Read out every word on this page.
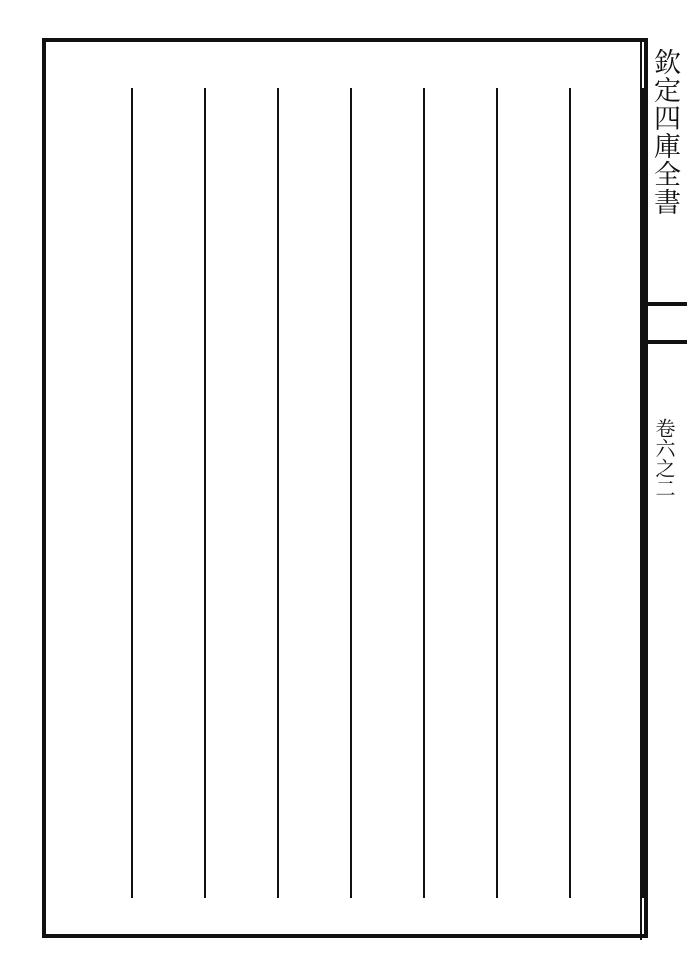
欽定四庫全書
卷六之二
